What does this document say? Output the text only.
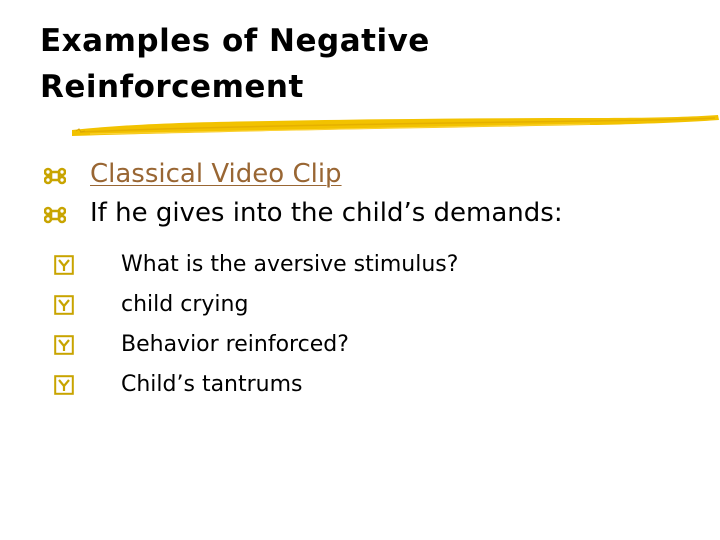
Examples of Negative
Reinforcement
Classical Video Clip
If he gives into the child’s demands:
What is the aversive stimulus?
child crying
Behavior reinforced?
Child’s tantrums
